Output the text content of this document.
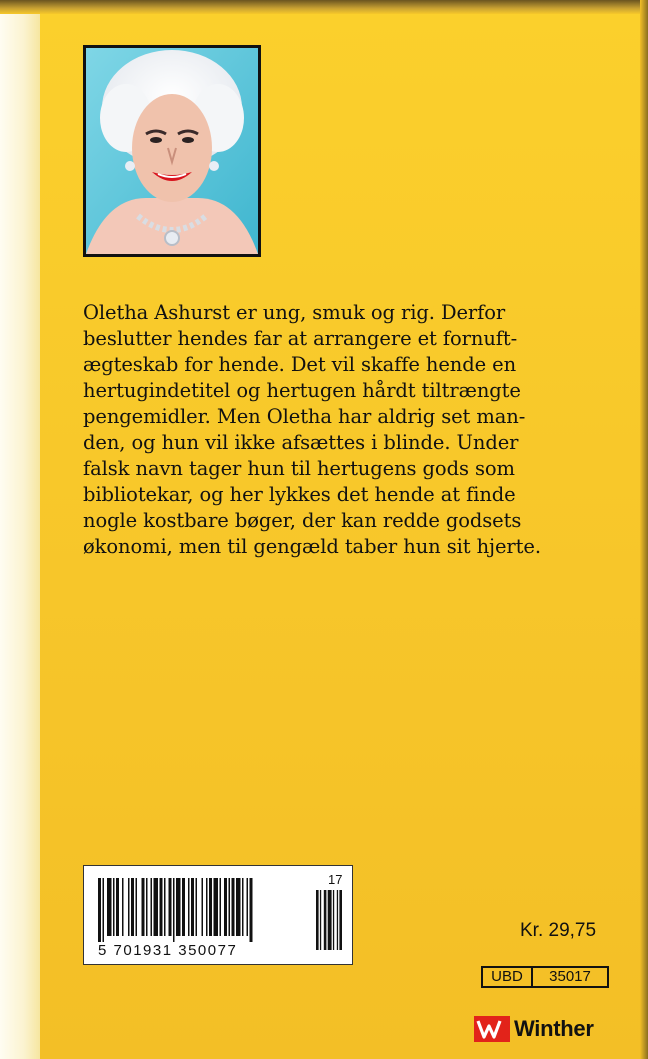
Oletha Ashurst er ung, smuk og rig. Derfor
beslutter hendes far at arrangere et fornuft-
ægteskab for hende. Det vil skaffe hende en
hertugindetitel og hertugen hårdt tiltrængte
pengemidler. Men Oletha har aldrig set man-
den, og hun vil ikke afsættes i blinde. Under
falsk navn tager hun til hertugens gods som
bibliotekar, og her lykkes det hende at finde
nogle kostbare bøger, der kan redde godsets
økonomi, men til gengæld taber hun sit hjerte.
5 701931 350077
17
Kr. 29,75
UBD	35017
Winther
